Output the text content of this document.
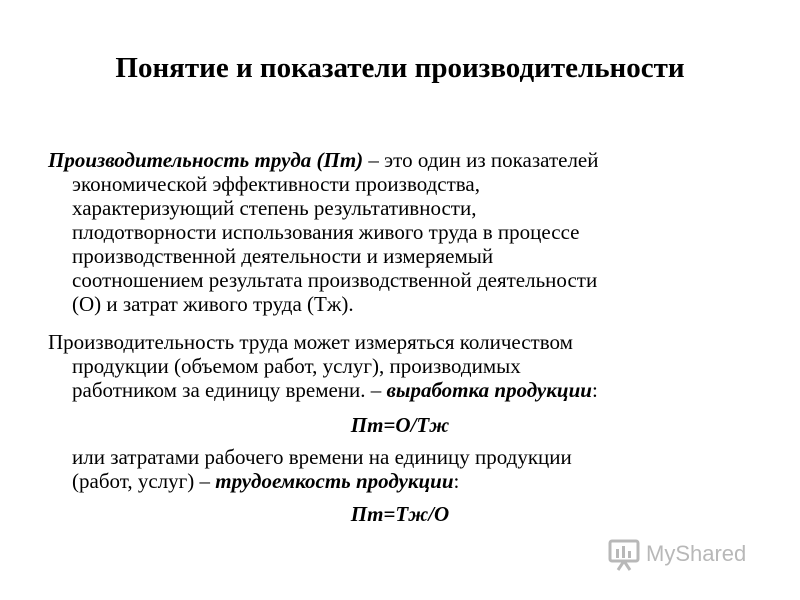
Понятие и показатели производительности
Производительность труда (Пт) – это один из показателей
экономической эффективности производства,
характеризующий степень результативности,
плодотворности использования живого труда в процессе
производственной деятельности и измеряемый
соотношением результата производственной деятельности
(О) и затрат живого труда (Тж).
Производительность труда может измеряться количеством
продукции (объемом работ, услуг), производимых
работником за единицу времени. – выработка продукции:
Пт=О/Тж
или затратами рабочего времени на единицу продукции
(работ, услуг) – трудоемкость продукции:
Пт=Тж/О
MyShared
